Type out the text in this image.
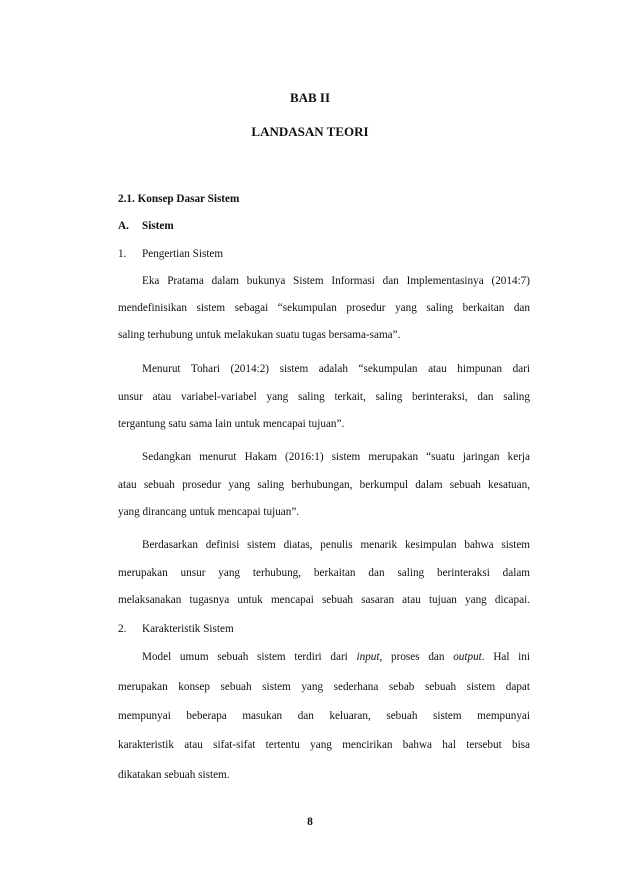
BAB II

LANDASAN TEORI

2.1. Konsep Dasar Sistem

A. Sistem

1. Pengertian Sistem

Eka Pratama dalam bukunya Sistem Informasi dan Implementasinya (2014:7)

mendefinisikan sistem sebagai “sekumpulan prosedur yang saling berkaitan dan

saling terhubung untuk melakukan suatu tugas bersama-sama”.

Menurut Tohari (2014:2) sistem adalah “sekumpulan atau himpunan dari

unsur atau variabel-variabel yang saling terkait, saling berinteraksi, dan saling

tergantung satu sama lain untuk mencapai tujuan”.

Sedangkan menurut Hakam (2016:1) sistem merupakan “suatu jaringan kerja

atau sebuah prosedur yang saling berhubungan, berkumpul dalam sebuah kesatuan,

yang dirancang untuk mencapai tujuan”.

Berdasarkan definisi sistem diatas, penulis menarik kesimpulan bahwa sistem

merupakan unsur yang terhubung, berkaitan dan saling berinteraksi dalam

melaksanakan tugasnya untuk mencapai sebuah sasaran atau tujuan yang dicapai.

2. Karakteristik Sistem

Model umum sebuah sistem terdiri dari input, proses dan output. Hal ini

merupakan konsep sebuah sistem yang sederhana sebab sebuah sistem dapat

mempunyai beberapa masukan dan keluaran, sebuah sistem mempunyai

karakteristik atau sifat-sifat tertentu yang mencirikan bahwa hal tersebut bisa

dikatakan sebuah sistem.

8
